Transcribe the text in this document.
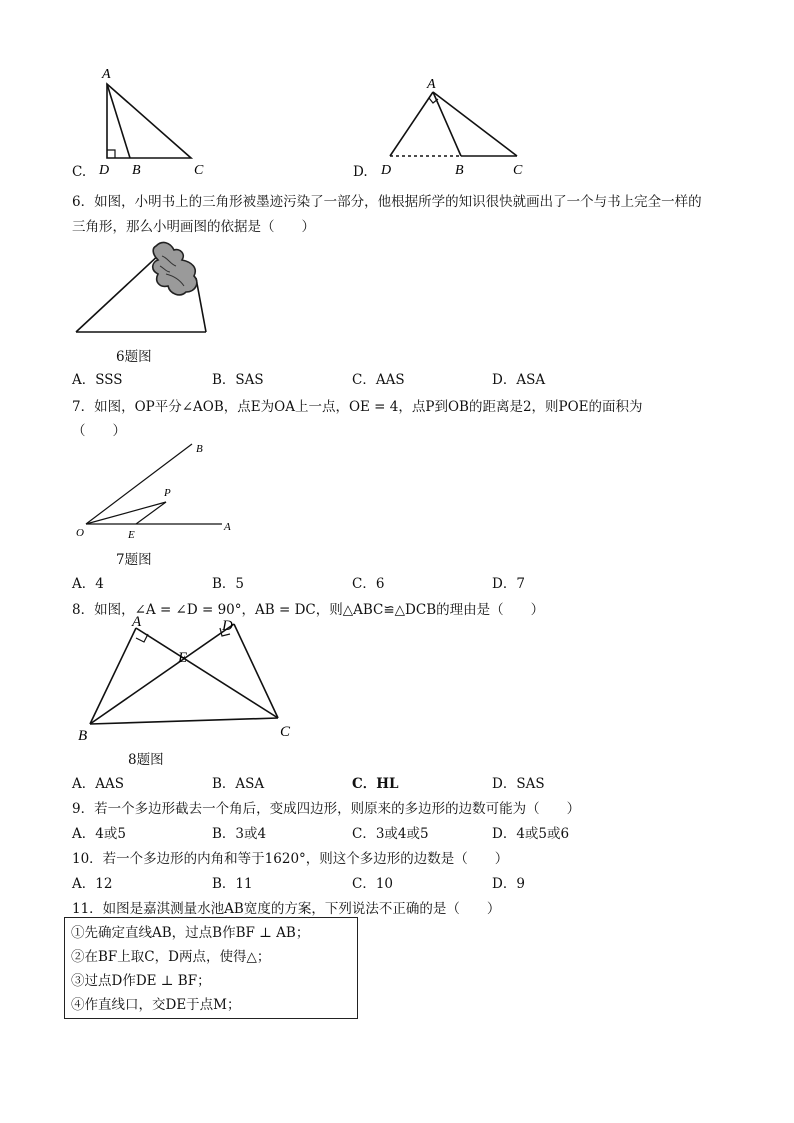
C.
A
D B	C	D.
A
D	B	C
6．如图，小明书上的三角形被墨迹污染了一部分，他根据所学的知识很快就画出了一个与书上完全一样的
三角形，那么小明画图的依据是（　　）
6题图
A．SSS	B．SAS	C．AAS	D．ASA
7．如图，OP平分∠AOB，点E为OA上一点，OE = 4，点P到OB的距离是2，则POE的面积为
（　　）
B
P
O	E
A
7题图
A．4	B．5	C．6	D．7
8．如图，∠A = ∠D = 90°，AB = DC，则△ABC≌△DCB的理由是（　　）
A	D
E
B	C
8题图
A．AAS	B．ASA	C．HL	D．SAS
9．若一个多边形截去一个角后，变成四边形，则原来的多边形的边数可能为（　　）
A．4或5	B．3或4	C．3或4或5	D．4或5或6
10．若一个多边形的内角和等于1620°，则这个多边形的边数是（　　）
A．12	B．11	C．10	D．9
11．如图是嘉淇测量水池AB宽度的方案，下列说法不正确的是（　　）
①先确定直线AB，过点B作BF ⊥ AB；
②在BF上取C，D两点，使得△；
③过点D作DE ⊥ BF；
④作直线口，交DE于点M；
